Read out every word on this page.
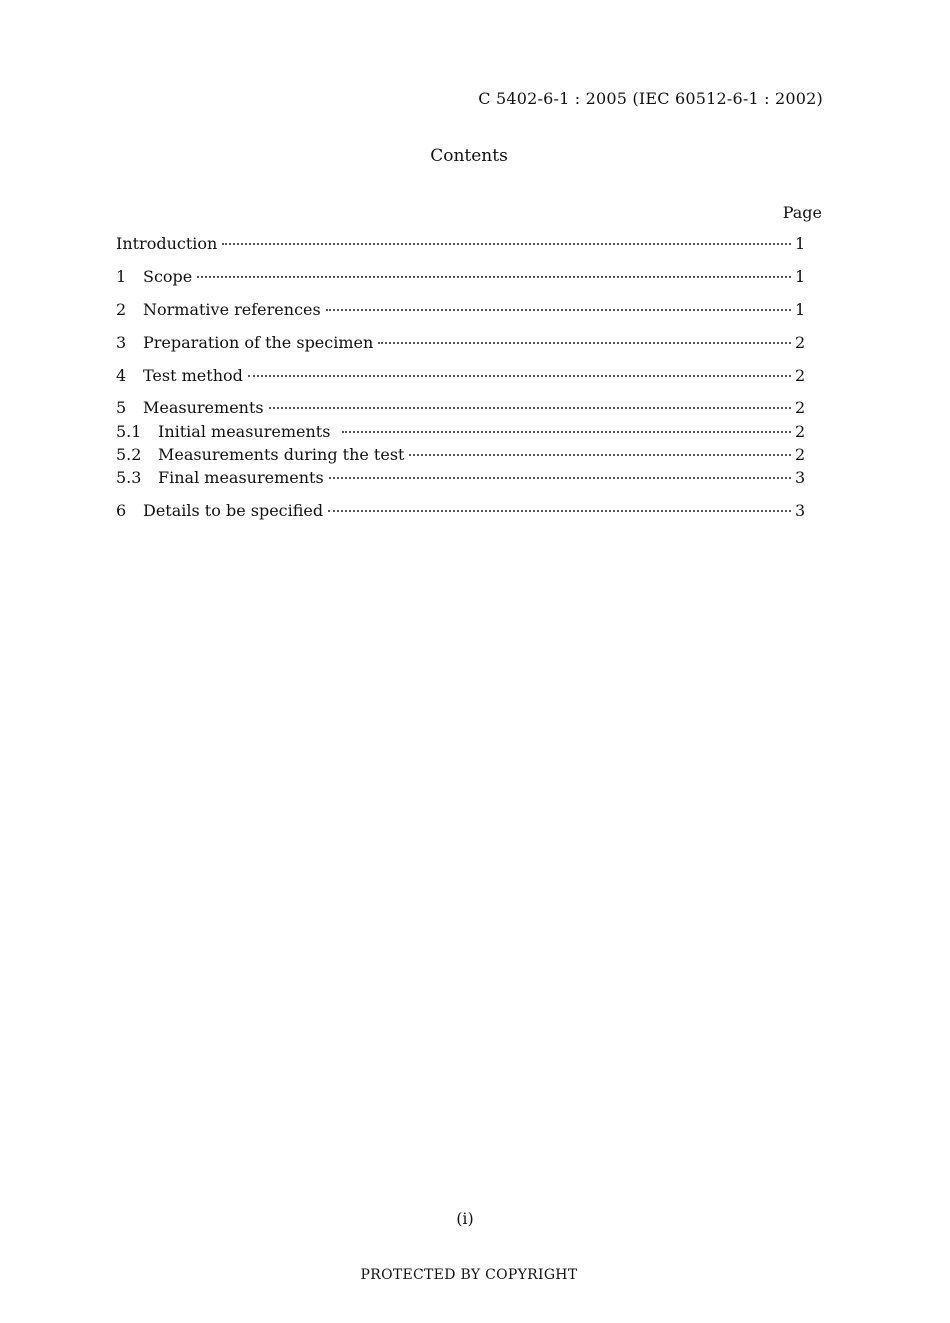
C 5402-6-1 : 2005 (IEC 60512-6-1 : 2002)
Contents
Page
Introduction	1
1	Scope	1
2	Normative references	1
3	Preparation of the specimen	2
4	Test method	2
5	Measurements	2
5.1	Initial measurements	2
5.2	Measurements during the test	2
5.3	Final measurements	3
6	Details to be specified	3
(i)
PROTECTED BY COPYRIGHT
